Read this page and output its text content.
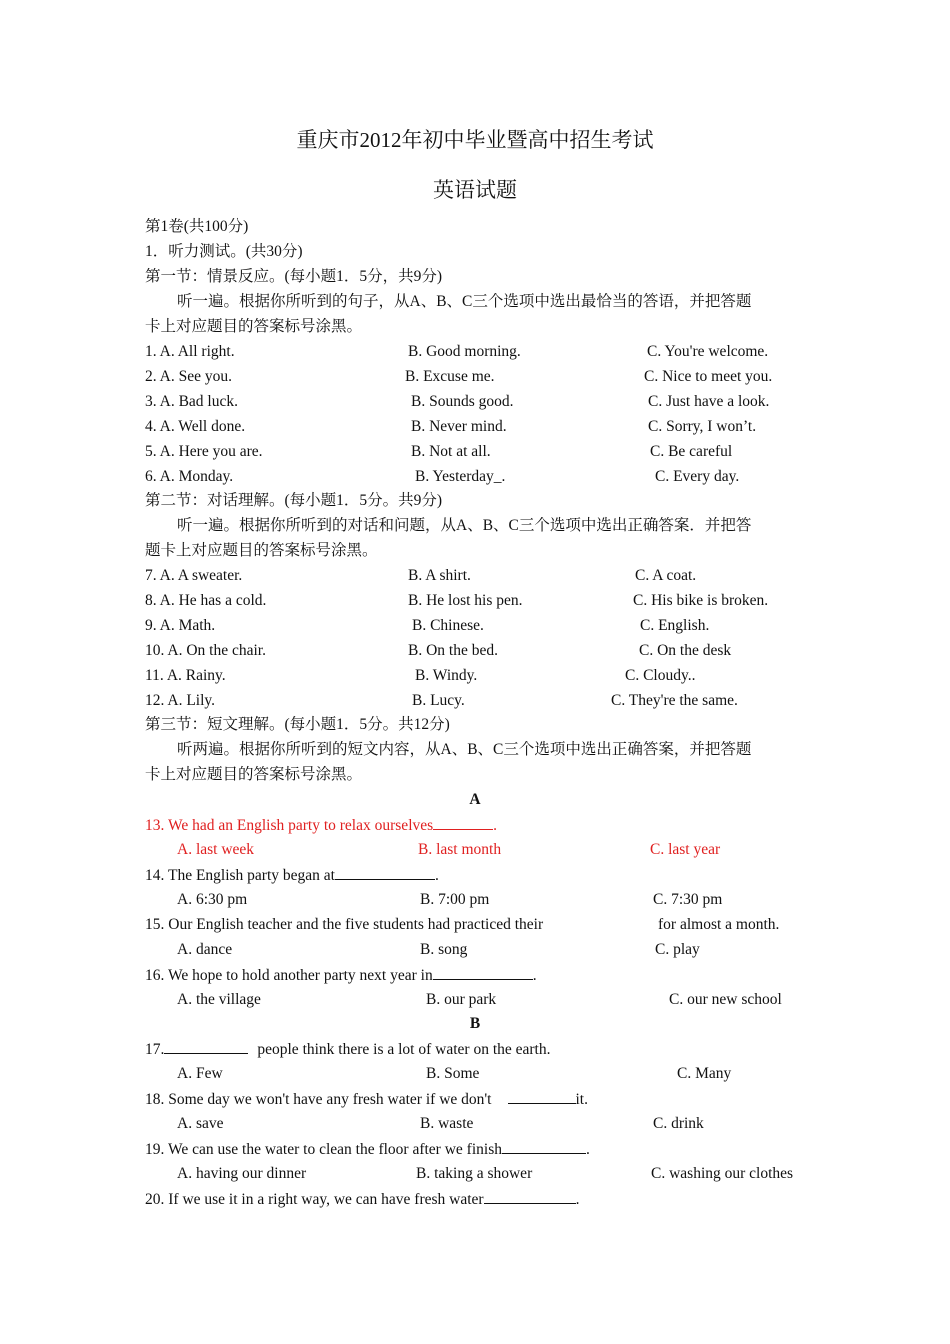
重庆市2012年初中毕业暨高中招生考试
英语试题
第1卷(共100分)
1．听力测试。(共30分)
第一节：情景反应。(每小题1．5分，共9分)
听一遍。根据你所听到的句子，从A、B、C三个选项中选出最恰当的答语，并把答题
卡上对应题目的答案标号涂黑。
1. A. All right.	B. Good morning.	C. You're welcome.
2. A. See you.	B. Excuse me.	C. Nice to meet you.
3. A. Bad luck.	B. Sounds good.	C. Just have a look.
4. A. Well done.	B. Never mind.	C. Sorry, I won’t.
5. A. Here you are.	B. Not at all.	C. Be careful
6. A. Monday.	B. Yesterday_.	C. Every day.
第二节：对话理解。(每小题1．5分。共9分)
听一遍。根据你所听到的对话和问题，从A、B、C三个选项中选出正确答案．并把答
题卡上对应题目的答案标号涂黑。
7. A. A sweater.	B. A shirt.	C. A coat.
8. A. He has a cold.	B. He lost his pen.	C. His bike is broken.
9. A. Math.	B. Chinese.	C. English.
10. A. On the chair.	B. On the bed.	C. On the desk
11. A. Rainy.	B. Windy.	C. Cloudy..
12. A. Lily.	B. Lucy.	C. They're the same.
第三节：短文理解。(每小题1．5分。共12分)
听两遍。根据你所听到的短文内容，从A、B、C三个选项中选出正确答案，并把答题
卡上对应题目的答案标号涂黑。
A
13. We had an English party to relax ourselves	.
A. last week	B. last month	C. last year
14. The English party began at	.
A. 6:30 pm	B. 7:00 pm	C. 7:30 pm
15. Our English teacher and the five students had practiced their	for almost a month.
A. dance	B. song	C. play
16. We hope to hold another party next year in	.
A. the village	B. our park	C. our new school
B
17.	people think there is a lot of water on the earth.
A. Few	B. Some	C. Many
18. Some day we won't have any fresh water if we don't	it.
A. save	B. waste	C. drink
19. We can use the water to clean the floor after we finish	.
A. having our dinner	B. taking a shower	C. washing our clothes
20. If we use it in a right way, we can have fresh water	.
